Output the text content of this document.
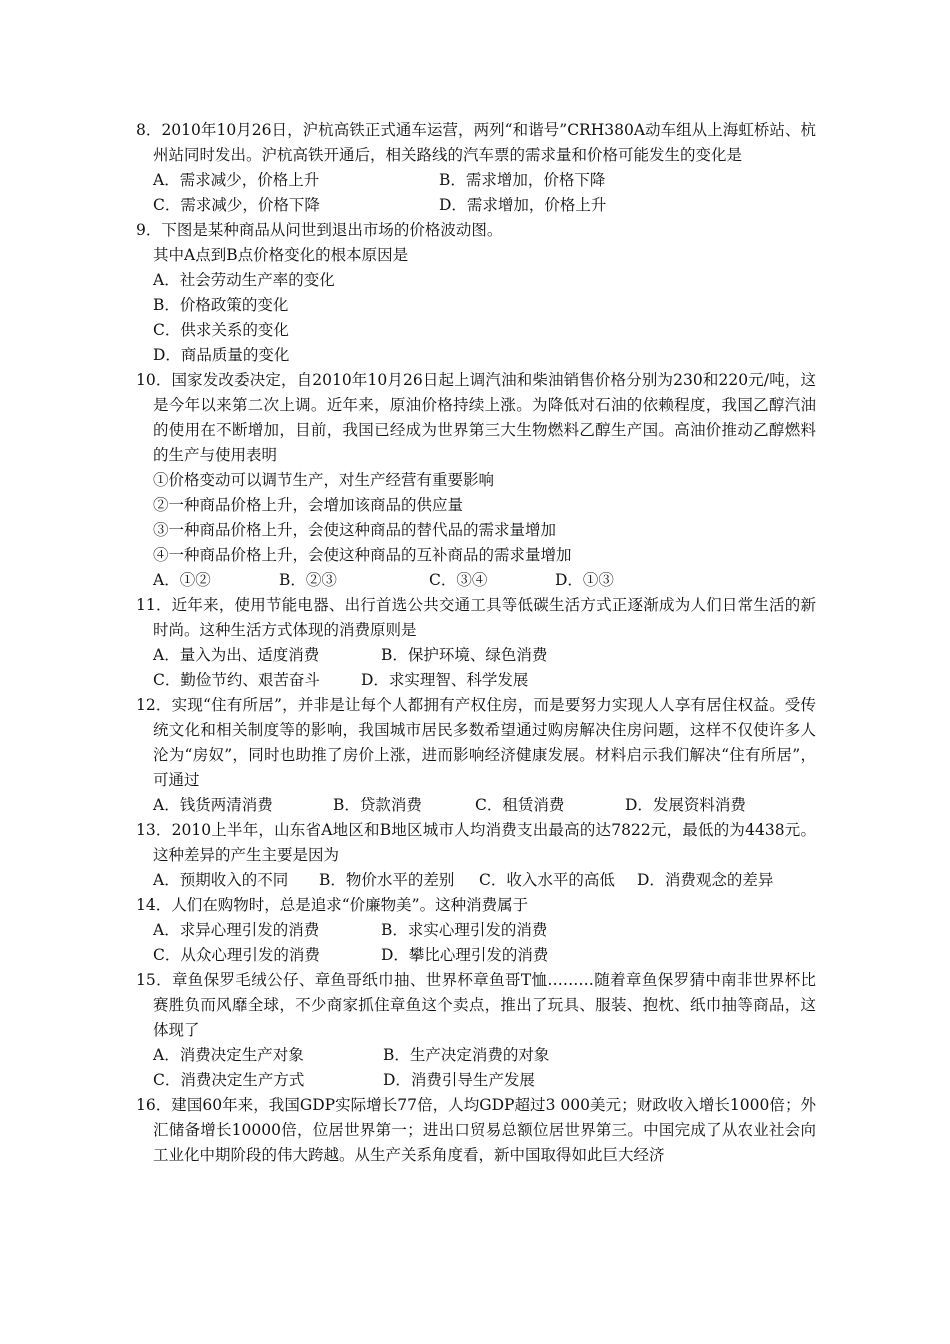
8．2010年10月26日，沪杭高铁正式通车运营，两列“和谐号”CRH380A动车组从上海虹桥站、杭州站同时发出。沪杭高铁开通后，相关路线的汽车票的需求量和价格可能发生的变化是
A．需求减少，价格上升	B．需求增加，价格下降
C．需求减少，价格下降	D．需求增加，价格上升
9．下图是某种商品从问世到退出市场的价格波动图。
其中A点到B点价格变化的根本原因是
A．社会劳动生产率的变化
B．价格政策的变化
C．供求关系的变化
D．商品质量的变化
10．国家发改委决定，自2010年10月26日起上调汽油和柴油销售价格分别为230和220元/吨，这是今年以来第二次上调。近年来，原油价格持续上涨。为降低对石油的依赖程度，我国乙醇汽油的使用在不断增加，目前，我国已经成为世界第三大生物燃料乙醇生产国。高油价推动乙醇燃料的生产与使用表明
①价格变动可以调节生产，对生产经营有重要影响
②一种商品价格上升，会增加该商品的供应量
③一种商品价格上升，会使这种商品的替代品的需求量增加
④一种商品价格上升，会使这种商品的互补商品的需求量增加
A．①②	B．②③	C．③④	D．①③
11．近年来，使用节能电器、出行首选公共交通工具等低碳生活方式正逐渐成为人们日常生活的新时尚。这种生活方式体现的消费原则是
A．量入为出、适度消费	B．保护环境、绿色消费
C．勤俭节约、艰苦奋斗	D．求实理智、科学发展
12．实现“住有所居”，并非是让每个人都拥有产权住房，而是要努力实现人人享有居住权益。受传统文化和相关制度等的影响，我国城市居民多数希望通过购房解决住房问题，这样不仅使许多人沦为“房奴”，同时也助推了房价上涨，进而影响经济健康发展。材料启示我们解决“住有所居”，可通过
A．钱货两清消费	B．贷款消费	C．租赁消费	D．发展资料消费
13．2010上半年，山东省A地区和B地区城市人均消费支出最高的达7822元，最低的为4438元。这种差异的产生主要是因为
A．预期收入的不同	B．物价水平的差别	C．收入水平的高低	D．消费观念的差异
14．人们在购物时，总是追求“价廉物美”。这种消费属于
A．求异心理引发的消费	B．求实心理引发的消费
C．从众心理引发的消费	D．攀比心理引发的消费
15．章鱼保罗毛绒公仔、章鱼哥纸巾抽、世界杯章鱼哥T恤………随着章鱼保罗猜中南非世界杯比赛胜负而风靡全球，不少商家抓住章鱼这个卖点，推出了玩具、服装、抱枕、纸巾抽等商品，这体现了
A．消费决定生产对象	B．生产决定消费的对象
C．消费决定生产方式	D．消费引导生产发展
16．建国60年来，我国GDP实际增长77倍，人均GDP超过3 000美元；财政收入增长1000倍；外汇储备增长10000倍，位居世界第一；进出口贸易总额位居世界第三。中国完成了从农业社会向工业化中期阶段的伟大跨越。从生产关系角度看，新中国取得如此巨大经济
